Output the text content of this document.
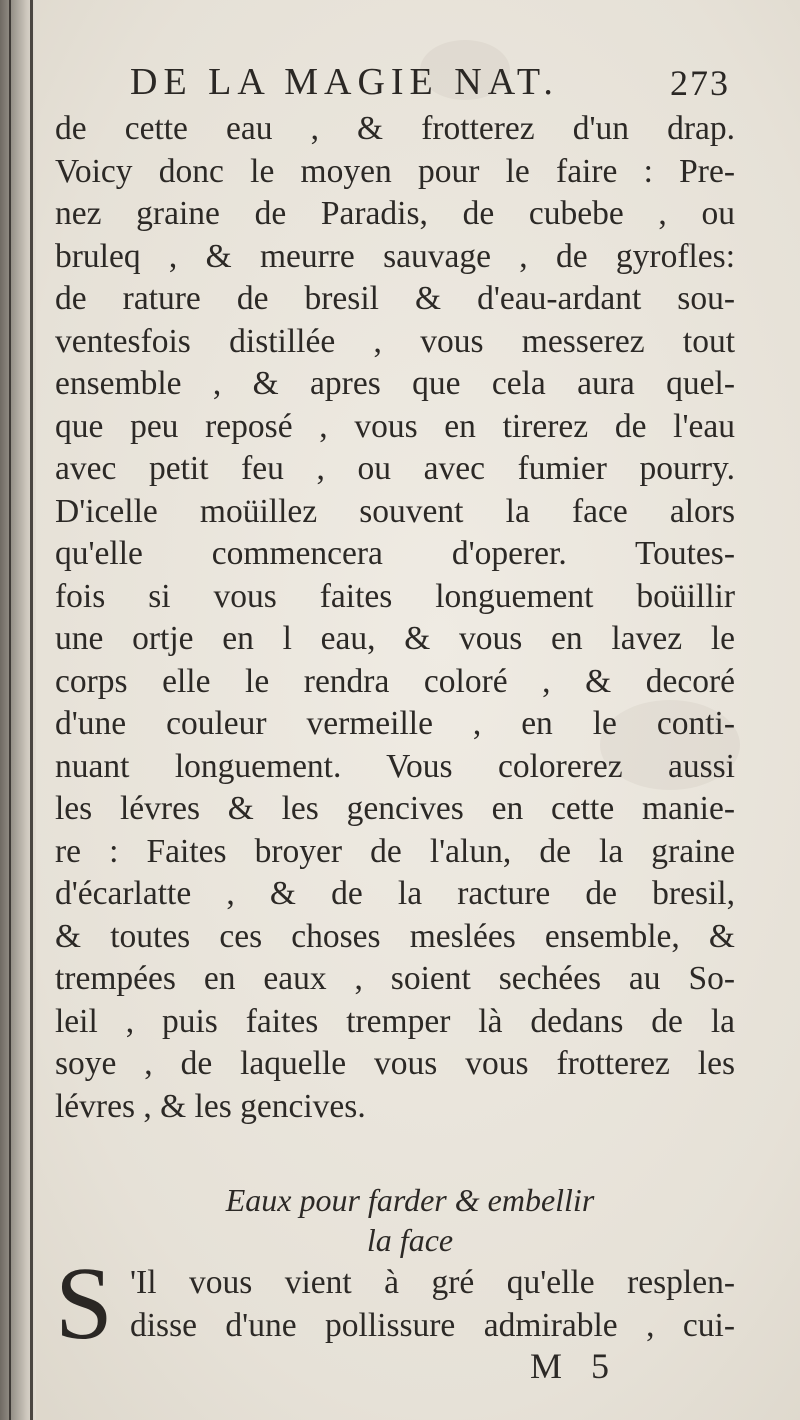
DE LA MAGIE NAT.	273
de cette eau , & frotterez d'un drap.
Voicy donc le moyen pour le faire : Pre-
nez graine de Paradis, de cubebe , ou
bruleq , & meurre sauvage , de gyrofles:
de rature de bresil & d'eau-ardant sou-
ventesfois distillée , vous messerez tout
ensemble , & apres que cela aura quel-
que peu reposé , vous en tirerez de l'eau
avec petit feu , ou avec fumier pourry.
D'icelle moüillez souvent la face alors
qu'elle commencera d'operer. Toutes-
fois si vous faites longuement boüillir
une ortje en l eau, & vous en lavez le
corps elle le rendra coloré , & decoré
d'une couleur vermeille , en le conti-
nuant longuement. Vous colorerez aussi
les lévres & les gencives en cette manie-
re : Faites broyer de l'alun, de la graine
d'écarlatte , & de la racture de bresil,
& toutes ces choses meslées ensemble, &
trempées en eaux , soient sechées au So-
leil , puis faites tremper là dedans de la
soye , de laquelle vous vous frotterez les
lévres , & les gencives.
Eaux pour farder & embellir
la face
S 'Il vous vient à gré qu'elle resplen-
disse d'une pollissure admirable , cui-
M 5
